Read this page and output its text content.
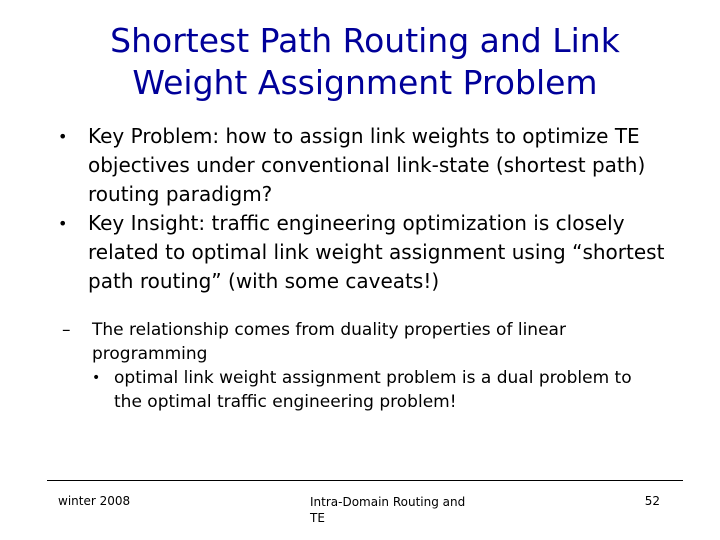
Shortest Path Routing and Link
Weight Assignment Problem

• Key Problem: how to assign link weights to optimize TE objectives under conventional link-state (shortest path) routing paradigm?

• Key Insight: traffic engineering optimization is closely related to optimal link weight assignment using “shortest path routing” (with some caveats!)

– The relationship comes from duality properties of linear programming

• optimal link weight assignment problem is a dual problem to the optimal traffic engineering problem!

winter 2008	Intra-Domain Routing and TE
52
